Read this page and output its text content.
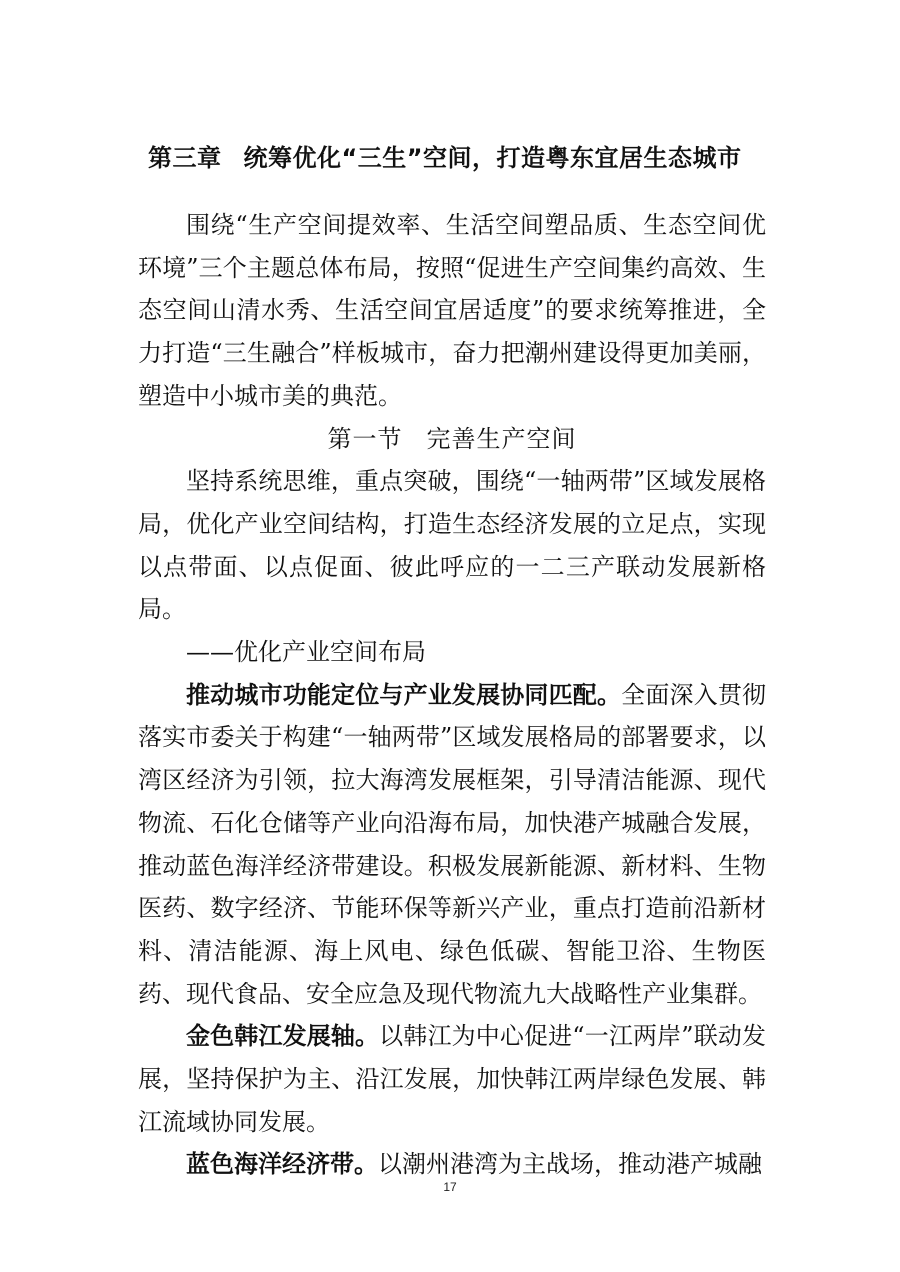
第三章 统筹优化“三生”空间，打造粤东宜居生态城市

围绕“生产空间提效率、生活空间塑品质、生态空间优环境”三个主题总体布局，按照“促进生产空间集约高效、生态空间山清水秀、生活空间宜居适度”的要求统筹推进，全力打造“三生融合”样板城市，奋力把潮州建设得更加美丽，塑造中小城市美的典范。

第一节 完善生产空间

坚持系统思维，重点突破，围绕“一轴两带”区域发展格局，优化产业空间结构，打造生态经济发展的立足点，实现以点带面、以点促面、彼此呼应的一二三产联动发展新格局。

——优化产业空间布局

推动城市功能定位与产业发展协同匹配。全面深入贯彻落实市委关于构建“一轴两带”区域发展格局的部署要求，以湾区经济为引领，拉大海湾发展框架，引导清洁能源、现代物流、石化仓储等产业向沿海布局，加快港产城融合发展，推动蓝色海洋经济带建设。积极发展新能源、新材料、生物医药、数字经济、节能环保等新兴产业，重点打造前沿新材料、清洁能源、海上风电、绿色低碳、智能卫浴、生物医药、现代食品、安全应急及现代物流九大战略性产业集群。

金色韩江发展轴。以韩江为中心促进“一江两岸”联动发展，坚持保护为主、沿江发展，加快韩江两岸绿色发展、韩江流域协同发展。

蓝色海洋经济带。以潮州港湾为主战场，推动港产城融

17
